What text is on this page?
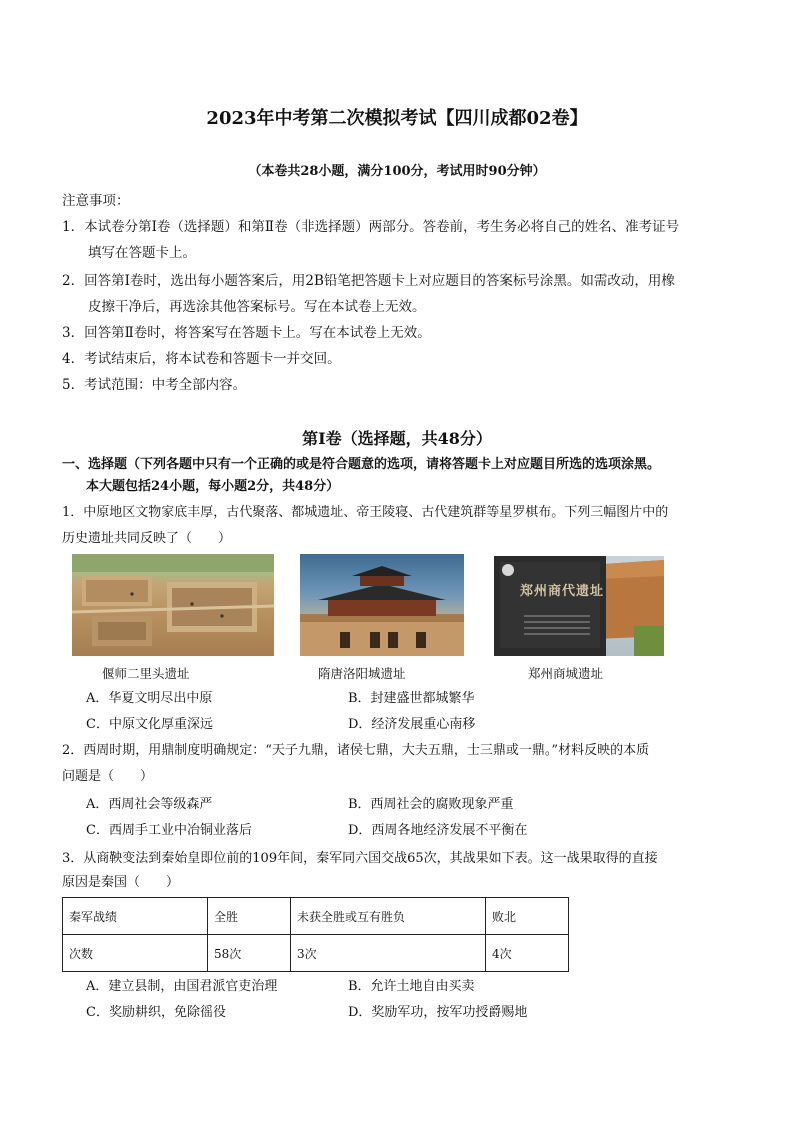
2023年中考第二次模拟考试【四川成都02卷】
（本卷共28小题，满分100分，考试用时90分钟）
注意事项：
1．本试卷分第Ⅰ卷（选择题）和第Ⅱ卷（非选择题）两部分。答卷前，考生务必将自己的姓名、准考证号
填写在答题卡上。
2．回答第Ⅰ卷时，选出每小题答案后，用2B铅笔把答题卡上对应题目的答案标号涂黑。如需改动，用橡
皮擦干净后，再选涂其他答案标号。写在本试卷上无效。
3．回答第Ⅱ卷时，将答案写在答题卡上。写在本试卷上无效。
4．考试结束后，将本试卷和答题卡一并交回。
5．考试范围：中考全部内容。
第Ⅰ卷（选择题，共48分）
一、选择题（下列各题中只有一个正确的或是符合题意的选项，请将答题卡上对应题目所选的选项涂黑。
本大题包括24小题，每小题2分，共48分）
1．中原地区文物家底丰厚，古代聚落、都城遗址、帝王陵寝、古代建筑群等星罗棋布。下列三幅图片中的
历史遗址共同反映了（　　）
郑州商代遗址
偃师二里头遗址	隋唐洛阳城遗址	郑州商城遗址
A．华夏文明尽出中原	B．封建盛世都城繁华
C．中原文化厚重深远	D．经济发展重心南移
2．西周时期，用鼎制度明确规定：“天子九鼎，诸侯七鼎，大夫五鼎，士三鼎或一鼎。”材料反映的本质
问题是（　　）
A．西周社会等级森严	B．西周社会的腐败现象严重
C．西周手工业中冶铜业落后	D．西周各地经济发展不平衡在
3．从商鞅变法到秦始皇即位前的109年间，秦军同六国交战65次，其战果如下表。这一战果取得的直接
原因是秦国（　　）
秦军战绩	全胜	未获全胜或互有胜负	败北
次数	58次	3次	4次
A．建立县制，由国君派官吏治理	B．允许土地自由买卖
C．奖励耕织，免除徭役	D．奖励军功，按军功授爵赐地
